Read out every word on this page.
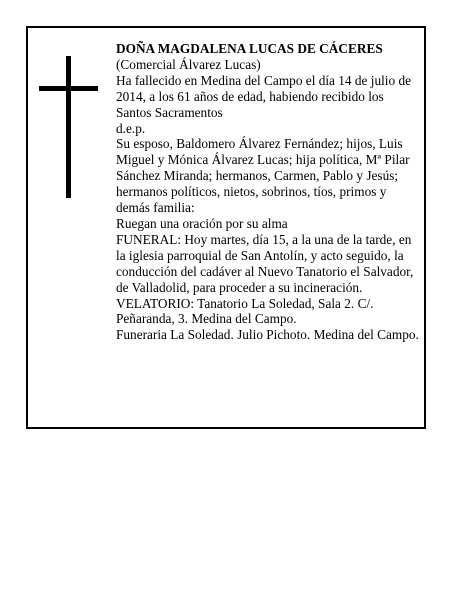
DOÑA MAGDALENA LUCAS DE CÁCERES

(Comercial Álvarez Lucas)

Ha fallecido en Medina del Campo el día 14 de julio de 2014, a los 61 años de edad, habiendo recibido los Santos Sacramentos

d.e.p.

Su esposo, Baldomero Álvarez Fernández; hijos, Luis Miguel y Mónica Álvarez Lucas; hija política, Mª Pilar Sánchez Miranda; hermanos, Carmen, Pablo y Jesús; hermanos políticos, nietos, sobrinos, tíos, primos y demás familia:

Ruegan una oración por su alma

FUNERAL: Hoy martes, día 15, a la una de la tarde, en la iglesia parroquial de San Antolín, y acto seguido, la conducción del cadáver al Nuevo Tanatorio el Salvador, de Valladolid, para proceder a su incineración.

VELATORIO: Tanatorio La Soledad, Sala 2. C/. Peñaranda, 3. Medina del Campo.

Funeraria La Soledad. Julio Pichoto. Medina del Campo.
